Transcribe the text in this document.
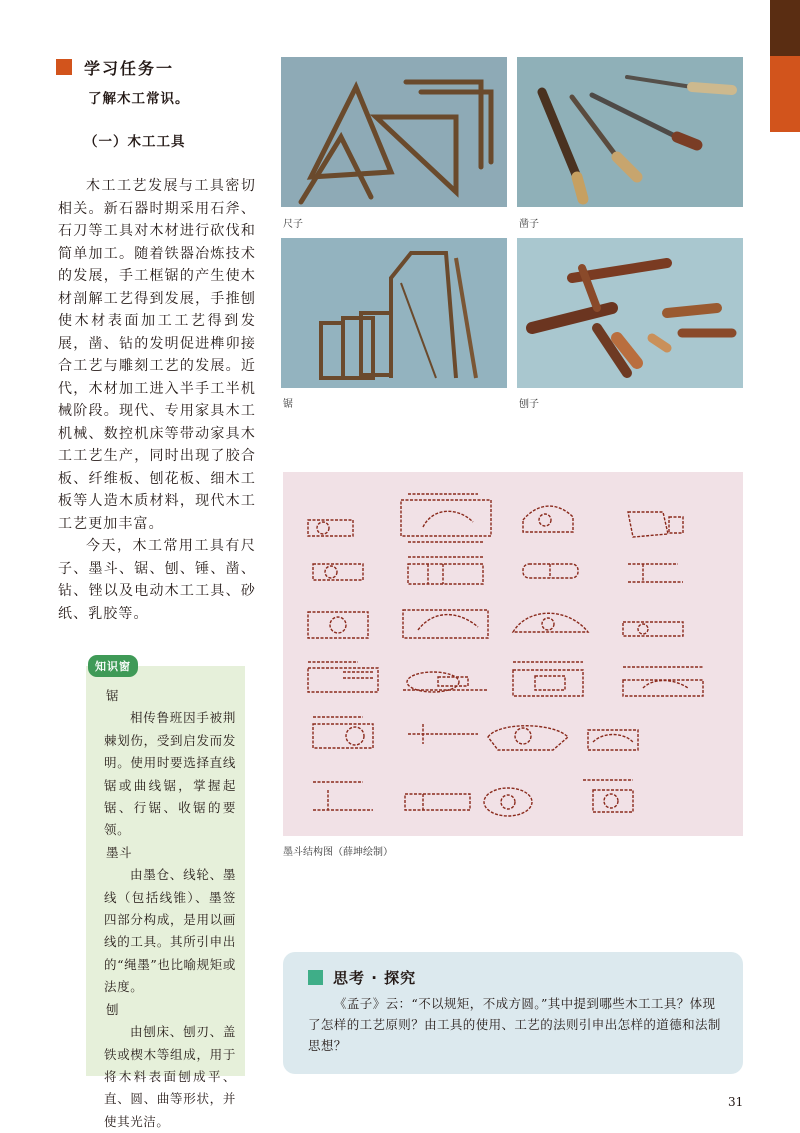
学习任务一
了解木工常识。
（一）木工工具

木工工艺发展与工具密切相关。新石器时期采用石斧、石刀等工具对木材进行砍伐和简单加工。随着铁器冶炼技术的发展，手工框锯的产生使木材剖解工艺得到发展，手推刨使木材表面加工工艺得到发展，凿、钻的发明促进榫卯接合工艺与雕刻工艺的发展。近代，木材加工进入半手工半机械阶段。现代、专用家具木工机械、数控机床等带动家具木工工艺生产，同时出现了胶合板、纤维板、刨花板、细木工板等人造木质材料，现代木工工艺更加丰富。

今天，木工常用工具有尺子、墨斗、锯、刨、锤、凿、钻、锉以及电动木工工具、砂纸、乳胶等。

尺子	凿子
锯	刨子
墨斗结构图（薛坤绘制）
知识窗

锯

相传鲁班因手被荆棘划伤，受到启发而发明。使用时要选择直线锯或曲线锯，掌握起锯、行锯、收锯的要领。

墨斗

由墨仓、线轮、墨线（包括线锥）、墨签四部分构成，是用以画线的工具。其所引申出的“绳墨”也比喻规矩或法度。

刨

由刨床、刨刃、盖铁或楔木等组成，用于将木料表面刨成平、直、圆、曲等形状，并使其光洁。

思考 · 探究

《孟子》云：“不以规矩，不成方圆。”其中提到哪些木工工具？体现了怎样的工艺原则？由工具的使用、工艺的法则引申出怎样的道德和法制思想？

31
